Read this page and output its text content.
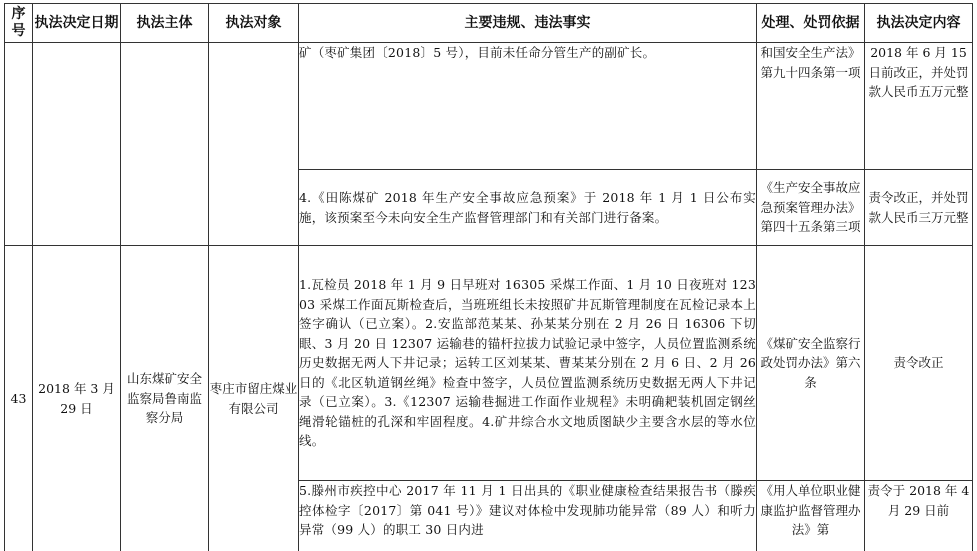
序号	执法决定日期	执法主体	执法对象	主要违规、违法事实	处理、处罚依据	执法决定内容
				矿（枣矿集团〔2018〕5 号），目前未任命分管生产的副矿长。	和国安全生产法》第九十四条第一项	2018 年 6 月 15 日前改正，并处罚款人民币五万元整
				4.《田陈煤矿 2018 年生产安全事故应急预案》于 2018 年 1 月 1 日公布实施，该预案至今未向安全生产监督管理部门和有关部门进行备案。	《生产安全事故应急预案管理办法》第四十五条第三项	责令改正，并处罚款人民币三万元整
43	2018 年 3 月 29 日	山东煤矿安全监察局鲁南监察分局	枣庄市留庄煤业有限公司	1.瓦检员 2018 年 1 月 9 日早班对 16305 采煤工作面、1 月 10 日夜班对 12303 采煤工作面瓦斯检查后，当班班组长未按照矿井瓦斯管理制度在瓦检记录本上签字确认（已立案）。2.安监部范某某、孙某某分别在 2 月 26 日 16306 下切眼、3 月 20 日 12307 运输巷的锚杆拉拔力试验记录中签字，人员位置监测系统历史数据无两人下井记录；运转工区刘某某、曹某某分别在 2 月 6 日、2 月 26 日的《北区轨道钢丝绳》检查中签字，人员位置监测系统历史数据无两人下井记录（已立案）。3.《12307 运输巷掘进工作面作业规程》未明确耙装机固定钢丝绳滑轮锚桩的孔深和牢固程度。4.矿井综合水文地质图缺少主要含水层的等水位线。	《煤矿安全监察行政处罚办法》第六条	责令改正
				5.滕州市疾控中心 2017 年 11 月 1 日出具的《职业健康检查结果报告书（滕疾控体检字〔2017〕第 041 号）》建议对体检中发现肺功能异常（89 人）和听力异常（99 人）的职工 30 日内进	《用人单位职业健康监护监督管理办法》第	责令于 2018 年 4 月 29 日前
